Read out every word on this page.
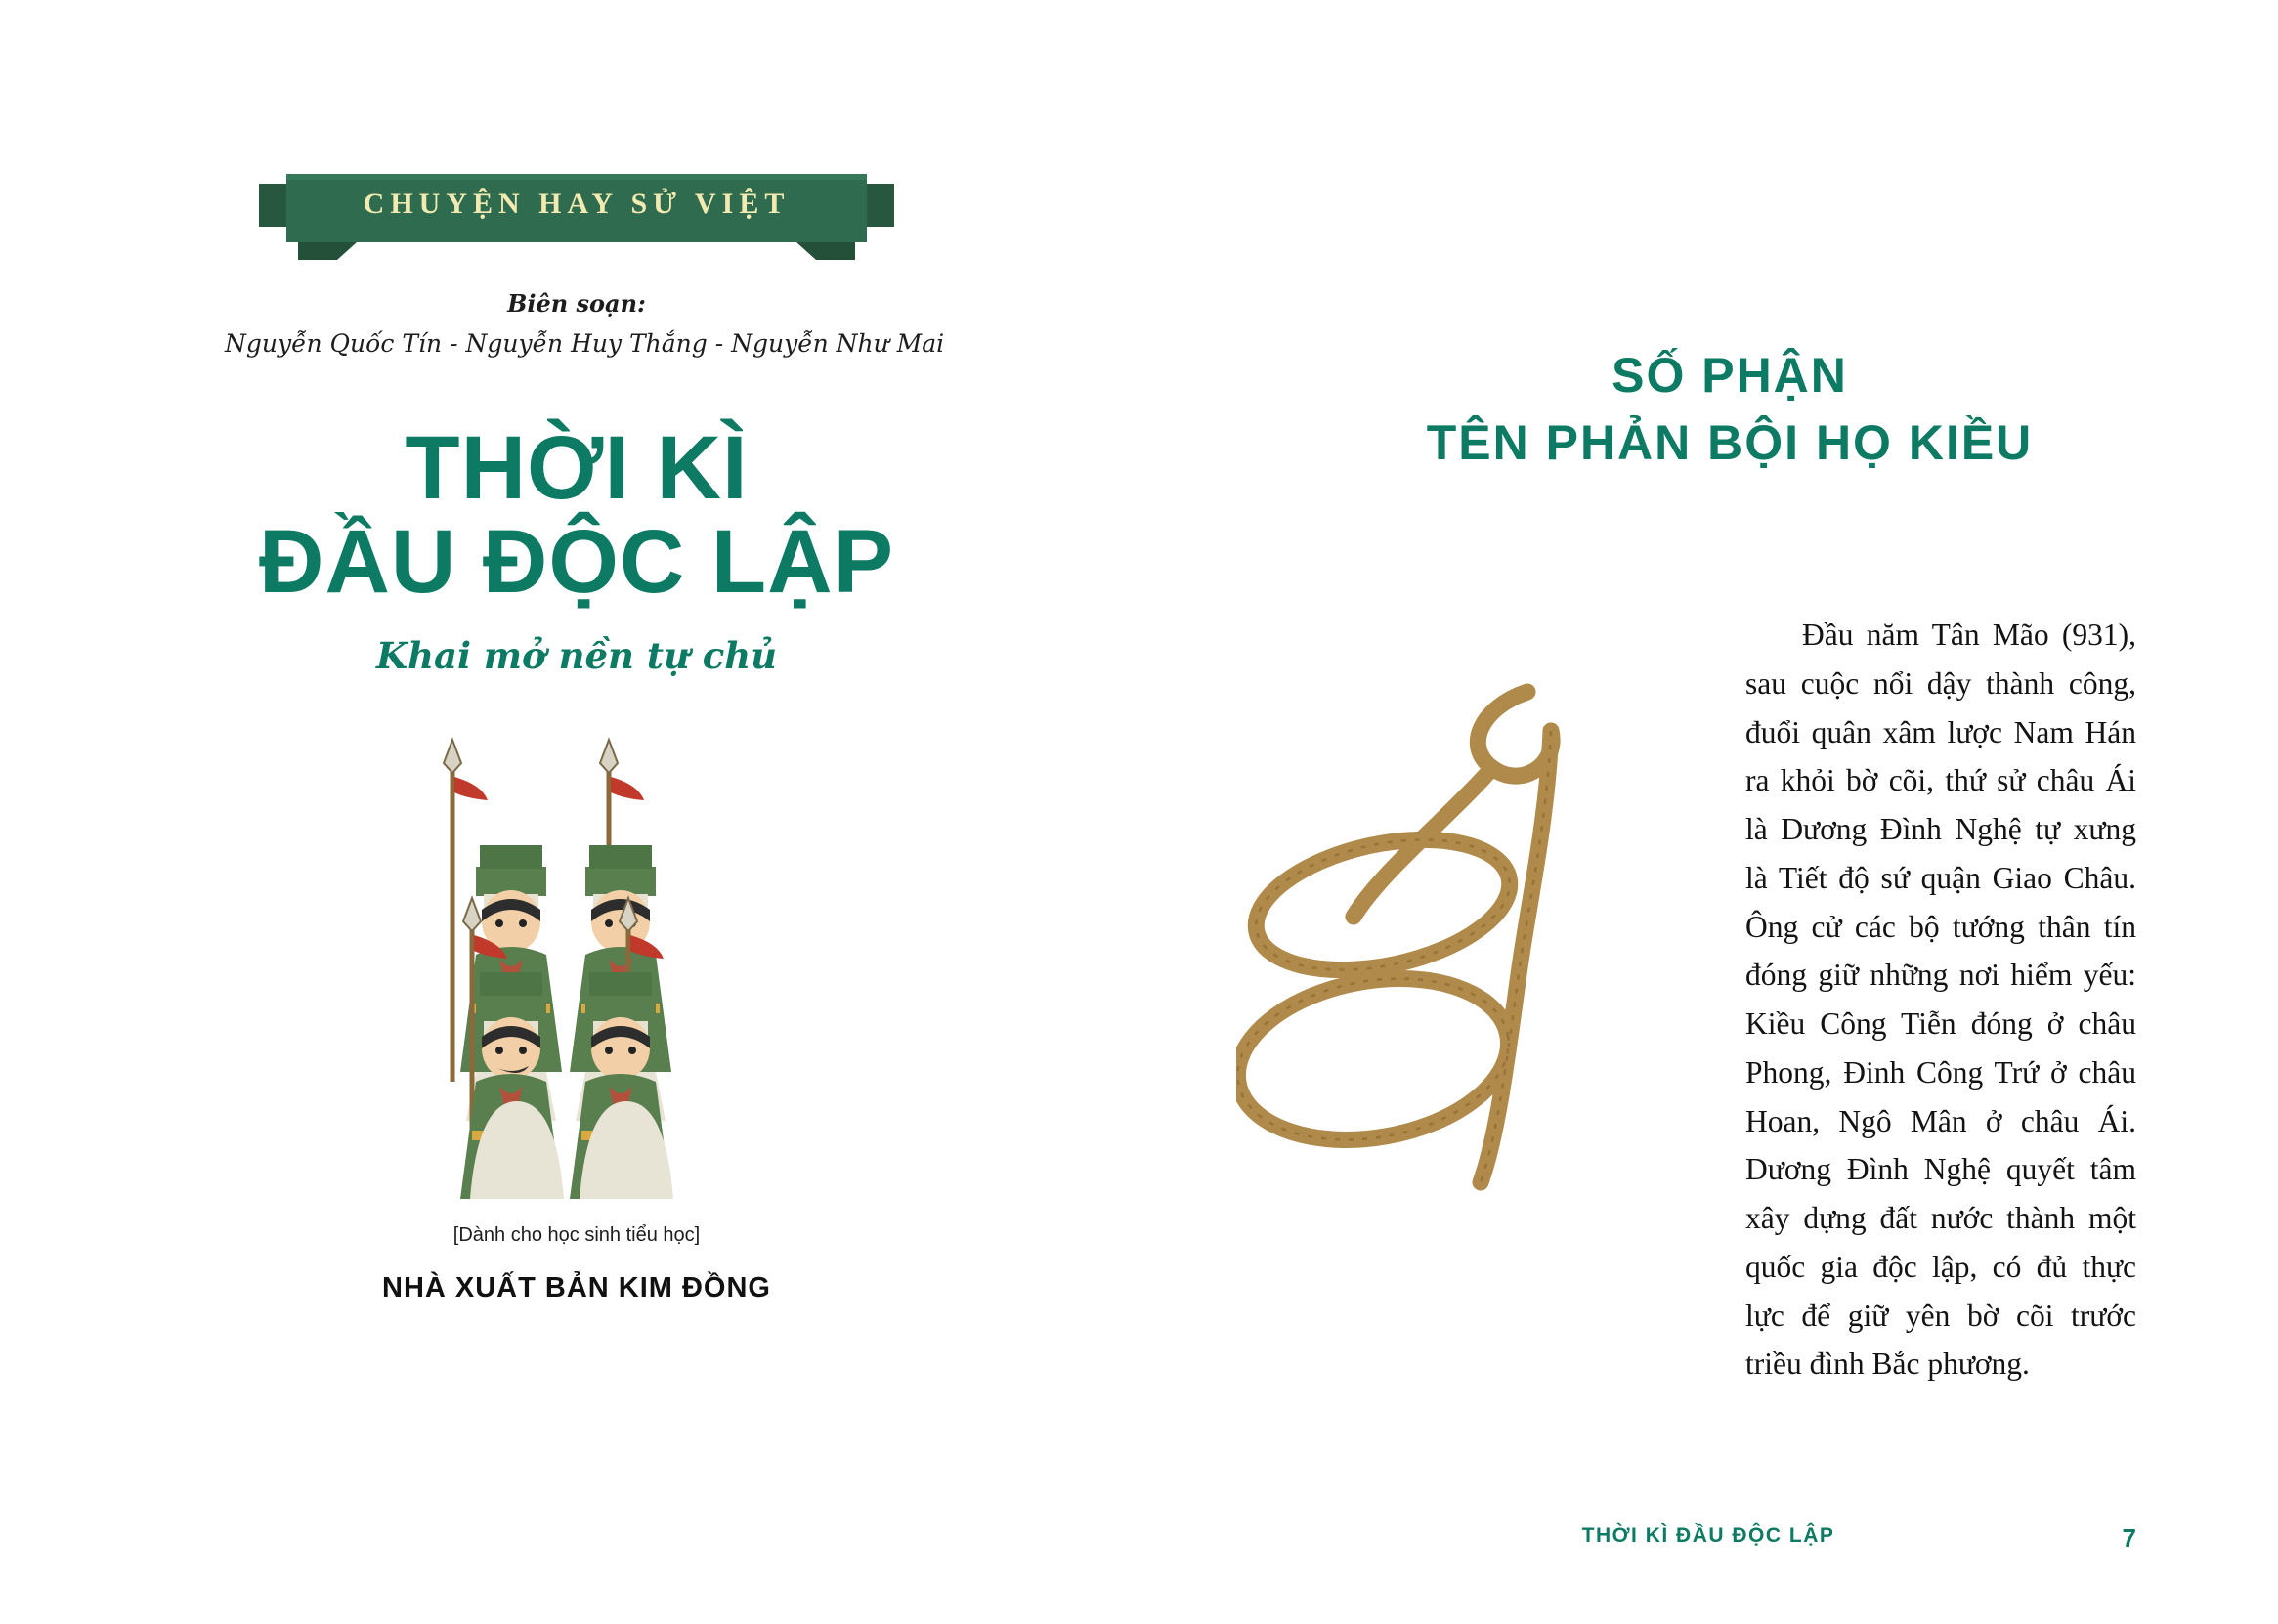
CHUYỆN HAY SỬ VIỆT
Biên soạn:
Nguyễn Quốc Tín - Nguyễn Huy Thắng - Nguyễn Như Mai
THỜI KÌ
ĐẦU ĐỘC LẬP
Khai mở nền tự chủ
[Dành cho học sinh tiểu học]
NHÀ XUẤT BẢN KIM ĐỒNG
SỐ PHẬN
TÊN PHẢN BỘI HỌ KIỀU
Đầu năm Tân Mão (931), sau cuộc nổi dậy thành công, đuổi quân xâm lược Nam Hán ra khỏi bờ cõi, thứ sử châu Ái là Dương Đình Nghệ tự xưng là Tiết độ sứ quận Giao Châu. Ông cử các bộ tướng thân tín đóng giữ những nơi hiểm yếu: Kiều Công Tiễn đóng ở châu Phong, Đinh Công Trứ ở châu Hoan, Ngô Mân ở châu Ái. Dương Đình Nghệ quyết tâm xây dựng đất nước thành một quốc gia độc lập, có đủ thực lực để giữ yên bờ cõi trước triều đình Bắc phương.
THỜI KÌ ĐẦU ĐỘC LẬP	7
